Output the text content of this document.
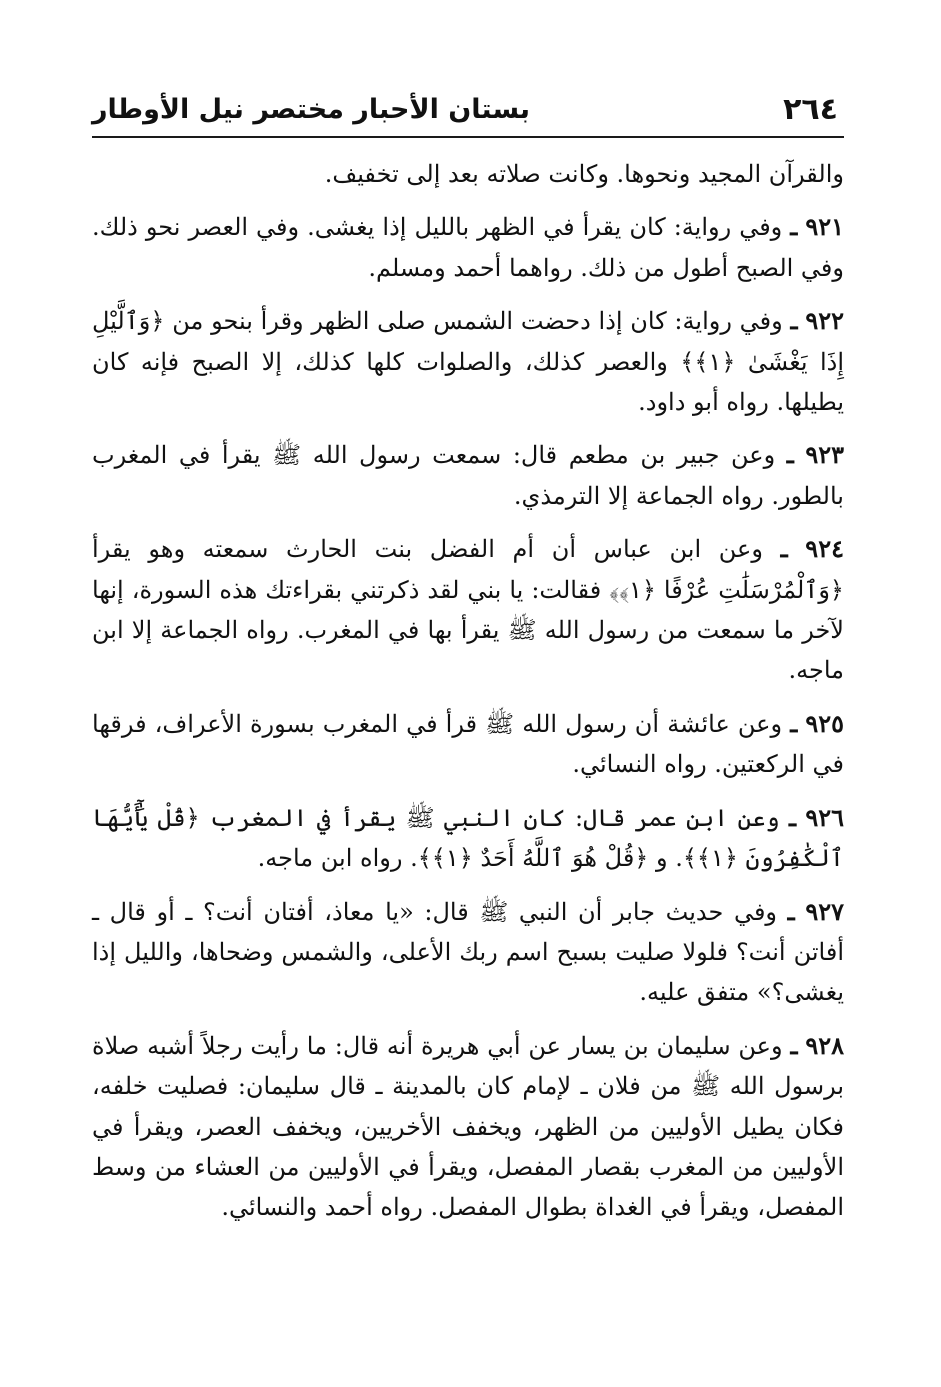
٢٦٤
بستان الأحبار مختصر نيل الأوطار

والقرآن المجيد ونحوها. وكانت صلاته بعد إلى تخفيف.

٩٢١ ـ وفي رواية: كان يقرأ في الظهر بالليل إذا يغشى. وفي العصر نحو ذلك. وفي الصبح أطول من ذلك. رواهما أحمد ومسلم.

٩٢٢ ـ وفي رواية: كان إذا دحضت الشمس صلى الظهر وقرأ بنحو من ﴿وَٱلَّيْلِ إِذَا يَغْشَىٰ ﴿١﴾﴾ والعصر كذلك، والصلوات كلها كذلك، إلا الصبح فإنه كان يطيلها. رواه أبو داود.

٩٢٣ ـ وعن جبير بن مطعم قال: سمعت رسول الله ﷺ يقرأ في المغرب بالطور. رواه الجماعة إلا الترمذي.

٩٢٤ ـ وعن ابن عباس أن أم الفضل بنت الحارث سمعته وهو يقرأ ﴿وَٱلْمُرْسَلَٰتِ عُرْفًا ﴿١﴾﴾ فقالت: يا بني لقد ذكرتني بقراءتك هذه السورة، إنها لآخر ما سمعت من رسول الله ﷺ يقرأ بها في المغرب. رواه الجماعة إلا ابن ماجه.

٩٢٥ ـ وعن عائشة أن رسول الله ﷺ قرأ في المغرب بسورة الأعراف، فرقها في الركعتين. رواه النسائي.

٩٢٦ ـ وعن ابن عمر قال: كان النبي ﷺ يقرأ في المغرب ﴿قُلْ يَٰٓأَيُّهَا ٱلْكَٰفِرُونَ ﴿١﴾﴾. و ﴿قُلْ هُوَ ٱللَّهُ أَحَدٌ ﴿١﴾﴾. رواه ابن ماجه.

٩٢٧ ـ وفي حديث جابر أن النبي ﷺ قال: «يا معاذ، أفتان أنت؟ ـ أو قال ـ أفاتن أنت؟ فلولا صليت بسبح اسم ربك الأعلى، والشمس وضحاها، والليل إذا يغشى؟» متفق عليه.

٩٢٨ ـ وعن سليمان بن يسار عن أبي هريرة أنه قال: ما رأيت رجلاً أشبه صلاة برسول الله ﷺ من فلان ـ لإمام كان بالمدينة ـ قال سليمان: فصليت خلفه، فكان يطيل الأوليين من الظهر، ويخفف الأخريين، ويخفف العصر، ويقرأ في الأوليين من المغرب بقصار المفصل، ويقرأ في الأوليين من العشاء من وسط المفصل، ويقرأ في الغداة بطوال المفصل. رواه أحمد والنسائي.
